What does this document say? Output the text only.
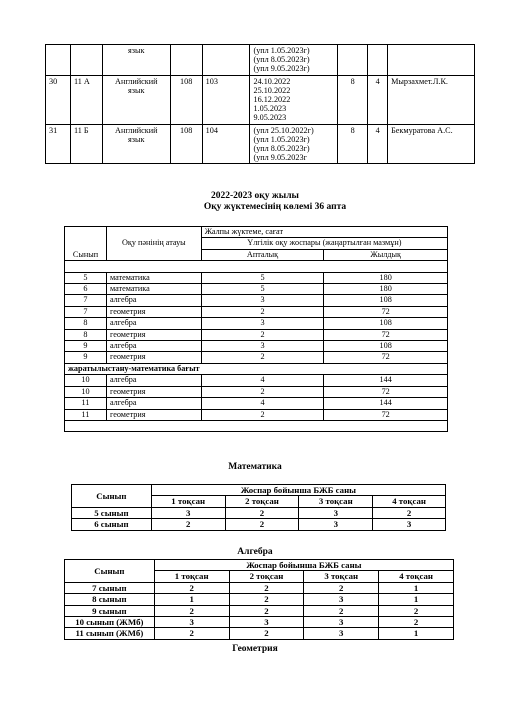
		язык			(упл 1.05.2023г)
(упл 8.05.2023г)
(упл 9.05.2023г)			

30	11 А	Английский язык	108	103	24.10.2022
25.10.2022
16.12.2022
1.05.2023
9.05.2023	8	4	Мырзахмет.Л.К.
31	11 Б	Английский язык	108	104	(упл 25.10.2022г)
(упл 1.05.2023г)
(упл 8.05.2023г)
(упл 9.05.2023г	8	4	Бекмуратова А.С.
2022-2023 оқу жылы
Оқу жүктемесінің көлемі 36 апта
Сынып	Оқу пәнінің атауы	Жалпы жүктеме, сағат	
		Үлгілік оқу жоспары (жаңартылған мазмұн)	
		Апталық	Жылдық

5	математика	5	180
6	математика	5	180
7	алгебра	3	108
7	геометрия	2	72
8	алгебра	3	108
8	геометрия	2	72
9	алгебра	3	108
9	геометрия	2	72
жаратылыстану-математика бағыт			
10	алгебра	4	144
10	геометрия	2	72
11	алгебра	4	144
11	геометрия	2	72

Математика
Сынып	Жоспар бойынша БЖБ саны			
	1 тоқсан	2 тоқсан	3 тоқсан	4 тоқсан
5 сынып	3	2	3	2
6 сынып	2	2	3	3
Алгебра
Сынып	Жоспар бойынша БЖБ саны			
	1 тоқсан	2 тоқсан	3 тоқсан	4 тоқсан
7 сынып	2	2	2	1
8 сынып	1	2	3	1
9 сынып	2	2	2	2
10 сынып (ЖМб)	3	3	3	2
11 сынып (ЖМб)	2	2	3	1
Геометрия
